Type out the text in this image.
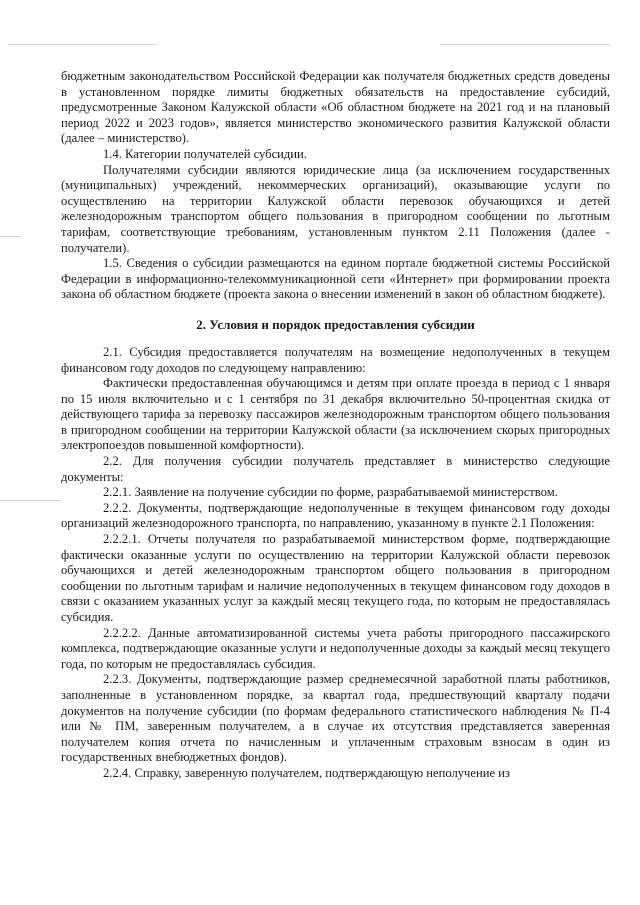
бюджетным законодательством Российской Федерации как получателя бюджетных средств доведены в установленном порядке лимиты бюджетных обязательств на предоставление субсидий, предусмотренные Законом Калужской области «Об областном бюджете на 2021 год и на плановый период 2022 и 2023 годов», является министерство экономического развития Калужской области (далее – министерство).

1.4. Категории получателей субсидии.

Получателями субсидии являются юридические лица (за исключением государственных (муниципальных) учреждений, некоммерческих организаций), оказывающие услуги по осуществлению на территории Калужской области перевозок обучающихся и детей железнодорожным транспортом общего пользования в пригородном сообщении по льготным тарифам, соответствующие требованиям, установленным пунктом 2.11 Положения (далее - получатели).

1.5. Сведения о субсидии размещаются на едином портале бюджетной системы Российской Федерации в информационно-телекоммуникационной сети «Интернет» при формировании проекта закона об областном бюджете (проекта закона о внесении изменений в закон об областном бюджете).

2. Условия и порядок предоставления субсидии

2.1. Субсидия предоставляется получателям на возмещение недополученных в текущем финансовом году доходов по следующему направлению:

Фактически предоставленная обучающимся и детям при оплате проезда в период с 1 января по 15 июля включительно и с 1 сентября по 31 декабря включительно 50-процентная скидка от действующего тарифа за перевозку пассажиров железнодорожным транспортом общего пользования в пригородном сообщении на территории Калужской области (за исключением скорых пригородных электропоездов повышенной комфортности).

2.2. Для получения субсидии получатель представляет в министерство следующие документы:

2.2.1. Заявление на получение субсидии по форме, разрабатываемой министерством.

2.2.2. Документы, подтверждающие недополученные в текущем финансовом году доходы организаций железнодорожного транспорта, по направлению, указанному в пункте 2.1 Положения:

2.2.2.1. Отчеты получателя по разрабатываемой министерством форме, подтверждающие фактически оказанные услуги по осуществлению на территории Калужской области перевозок обучающихся и детей железнодорожным транспортом общего пользования в пригородном сообщении по льготным тарифам и наличие недополученных в текущем финансовом году доходов в связи с оказанием указанных услуг за каждый месяц текущего года, по которым не предоставлялась субсидия.

2.2.2.2. Данные автоматизированной системы учета работы пригородного пассажирского комплекса, подтверждающие оказанные услуги и недополученные доходы за каждый месяц текущего года, по которым не предоставлялась субсидия.

2.2.3. Документы, подтверждающие размер среднемесячной заработной платы работников, заполненные в установленном порядке, за квартал года, предшествующий кварталу подачи документов на получение субсидии (по формам федерального статистического наблюдения № П-4 или № ПМ, заверенным получателем, а в случае их отсутствия представляется заверенная получателем копия отчета по начисленным и уплаченным страховым взносам в один из государственных внебюджетных фондов).

2.2.4. Справку, заверенную получателем, подтверждающую неполучение из
